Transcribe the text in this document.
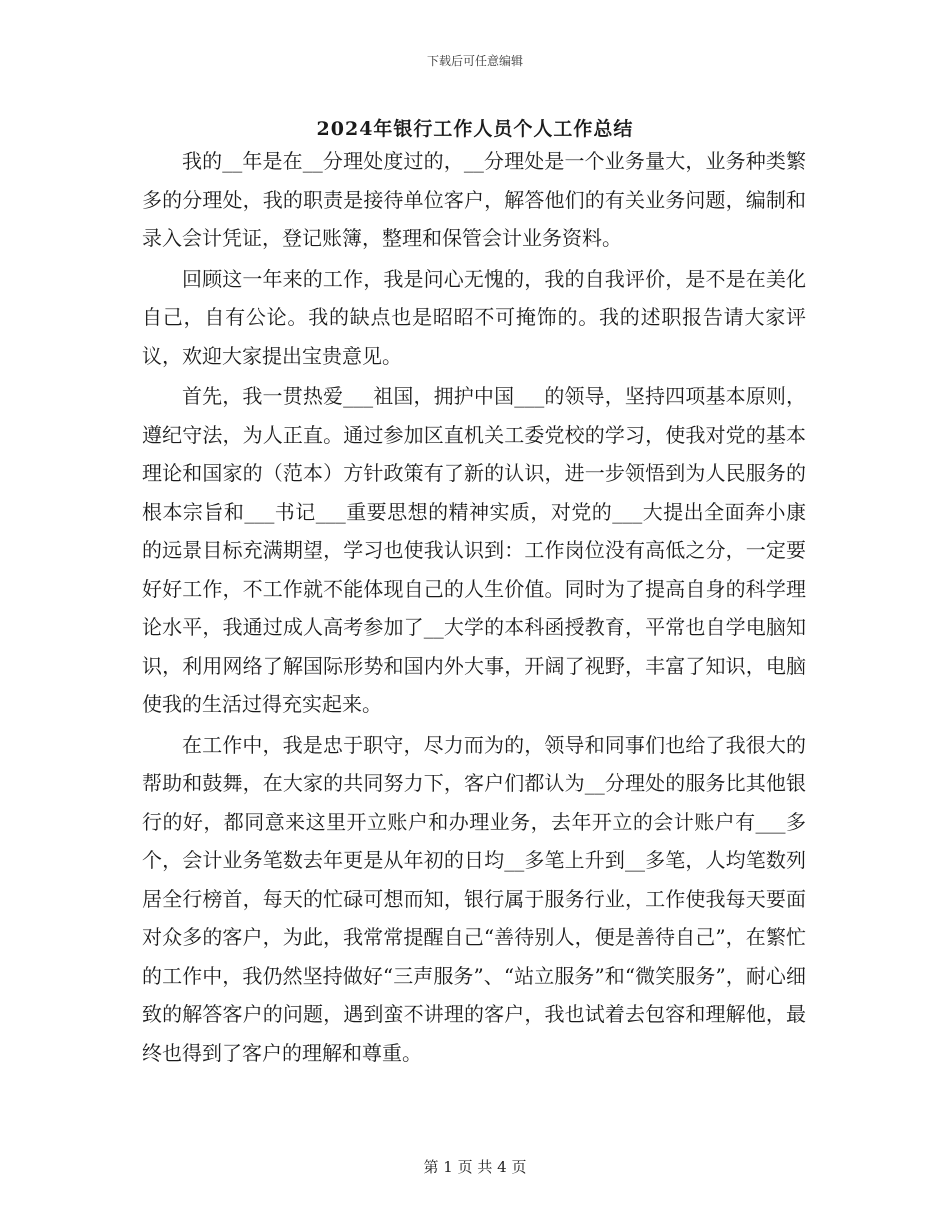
下载后可任意编辑
2024年银行工作人员个人工作总结

我的__年是在__分理处度过的，__分理处是一个业务量大，业务种类繁多的分理处，我的职责是接待单位客户，解答他们的有关业务问题，编制和录入会计凭证，登记账簿，整理和保管会计业务资料。

回顾这一年来的工作，我是问心无愧的，我的自我评价，是不是在美化自己，自有公论。我的缺点也是昭昭不可掩饰的。我的述职报告请大家评议，欢迎大家提出宝贵意见。

首先，我一贯热爱___祖国，拥护中国___的领导，坚持四项基本原则，遵纪守法，为人正直。通过参加区直机关工委党校的学习，使我对党的基本理论和国家的（范本）方针政策有了新的认识，进一步领悟到为人民服务的根本宗旨和___书记___重要思想的精神实质，对党的___大提出全面奔小康的远景目标充满期望，学习也使我认识到：工作岗位没有高低之分，一定要好好工作，不工作就不能体现自己的人生价值。同时为了提高自身的科学理论水平，我通过成人高考参加了__大学的本科函授教育，平常也自学电脑知识，利用网络了解国际形势和国内外大事，开阔了视野，丰富了知识，电脑使我的生活过得充实起来。

在工作中，我是忠于职守，尽力而为的，领导和同事们也给了我很大的帮助和鼓舞，在大家的共同努力下，客户们都认为__分理处的服务比其他银行的好，都同意来这里开立账户和办理业务，去年开立的会计账户有___多个，会计业务笔数去年更是从年初的日均__多笔上升到__多笔，人均笔数列居全行榜首，每天的忙碌可想而知，银行属于服务行业，工作使我每天要面对众多的客户，为此，我常常提醒自己“善待别人，便是善待自己”，在繁忙的工作中，我仍然坚持做好“三声服务”、“站立服务”和“微笑服务”，耐心细致的解答客户的问题，遇到蛮不讲理的客户，我也试着去包容和理解他，最终也得到了客户的理解和尊重。

第 1 页 共 4 页
